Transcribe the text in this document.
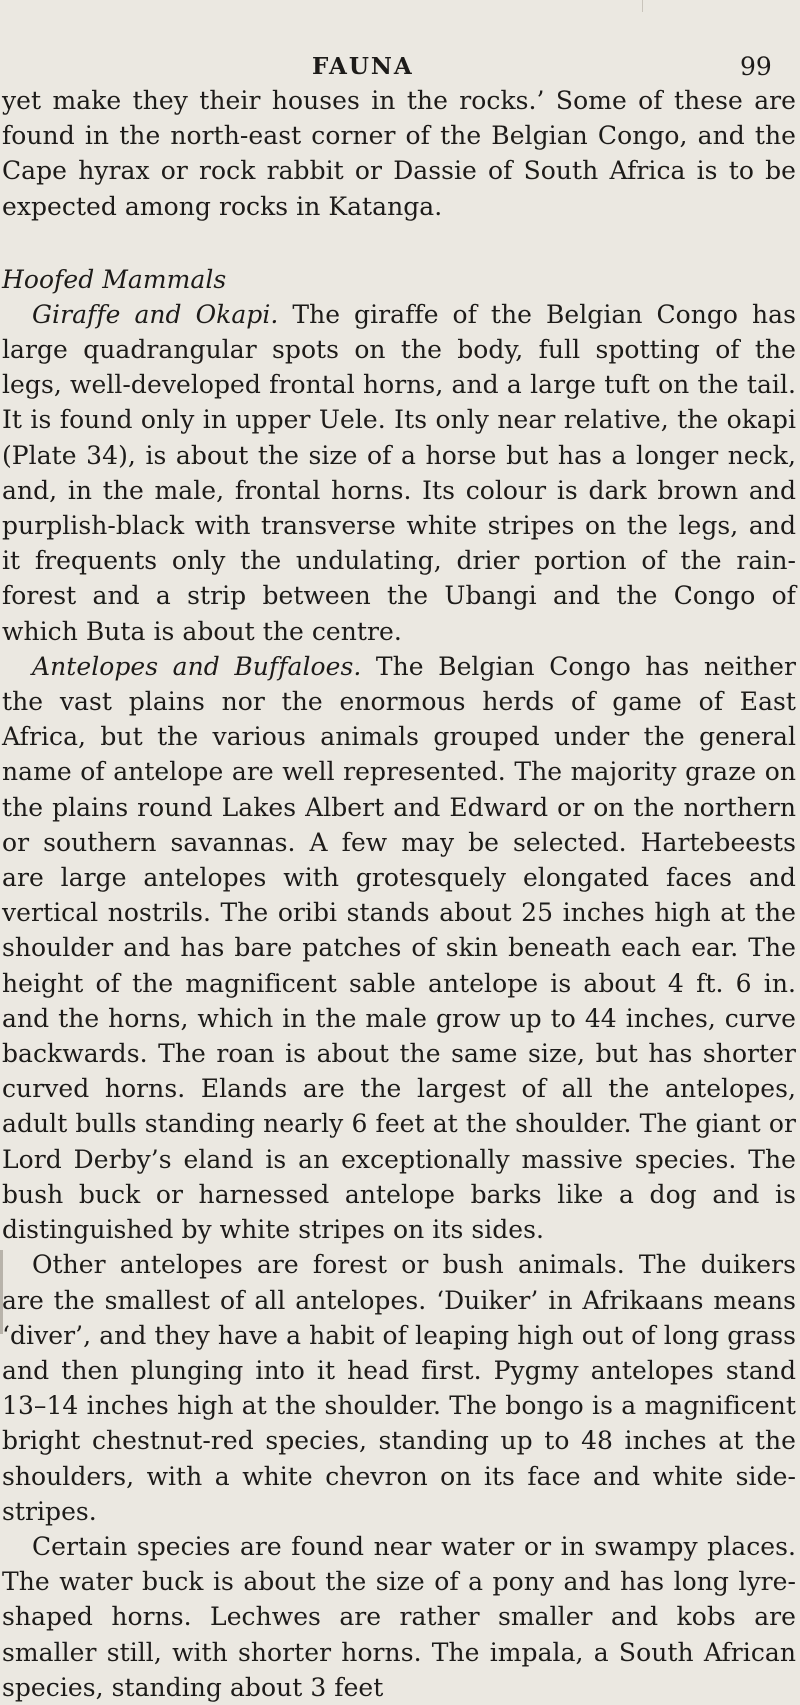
FAUNA	99

yet make they their houses in the rocks.’ Some of these are found in the north-east corner of the Belgian Congo, and the Cape hyrax or rock rabbit or Dassie of South Africa is to be expected among rocks in Katanga.

Hoofed Mammals

Giraffe and Okapi. The giraffe of the Belgian Congo has large quadrangular spots on the body, full spotting of the legs, well-developed frontal horns, and a large tuft on the tail. It is found only in upper Uele. Its only near relative, the okapi (Plate 34), is about the size of a horse but has a longer neck, and, in the male, frontal horns. Its colour is dark brown and purplish-black with transverse white stripes on the legs, and it frequents only the undulating, drier portion of the rain-forest and a strip between the Ubangi and the Congo of which Buta is about the centre.

Antelopes and Buffaloes. The Belgian Congo has neither the vast plains nor the enormous herds of game of East Africa, but the various animals grouped under the general name of antelope are well represented. The majority graze on the plains round Lakes Albert and Edward or on the northern or southern savannas. A few may be selected. Hartebeests are large antelopes with grotesquely elongated faces and vertical nostrils. The oribi stands about 25 inches high at the shoulder and has bare patches of skin beneath each ear. The height of the magnificent sable antelope is about 4 ft. 6 in. and the horns, which in the male grow up to 44 inches, curve backwards. The roan is about the same size, but has shorter curved horns. Elands are the largest of all the antelopes, adult bulls standing nearly 6 feet at the shoulder. The giant or Lord Derby’s eland is an exceptionally massive species. The bush buck or harnessed antelope barks like a dog and is distinguished by white stripes on its sides.

Other antelopes are forest or bush animals. The duikers are the smallest of all antelopes. ‘Duiker’ in Afrikaans means ‘diver’, and they have a habit of leaping high out of long grass and then plunging into it head first. Pygmy antelopes stand 13–14 inches high at the shoulder. The bongo is a magnificent bright chestnut-red species, standing up to 48 inches at the shoulders, with a white chevron on its face and white side-stripes.

Certain species are found near water or in swampy places. The water buck is about the size of a pony and has long lyre-shaped horns. Lechwes are rather smaller and kobs are smaller still, with shorter horns. The impala, a South African species, standing about 3 feet
